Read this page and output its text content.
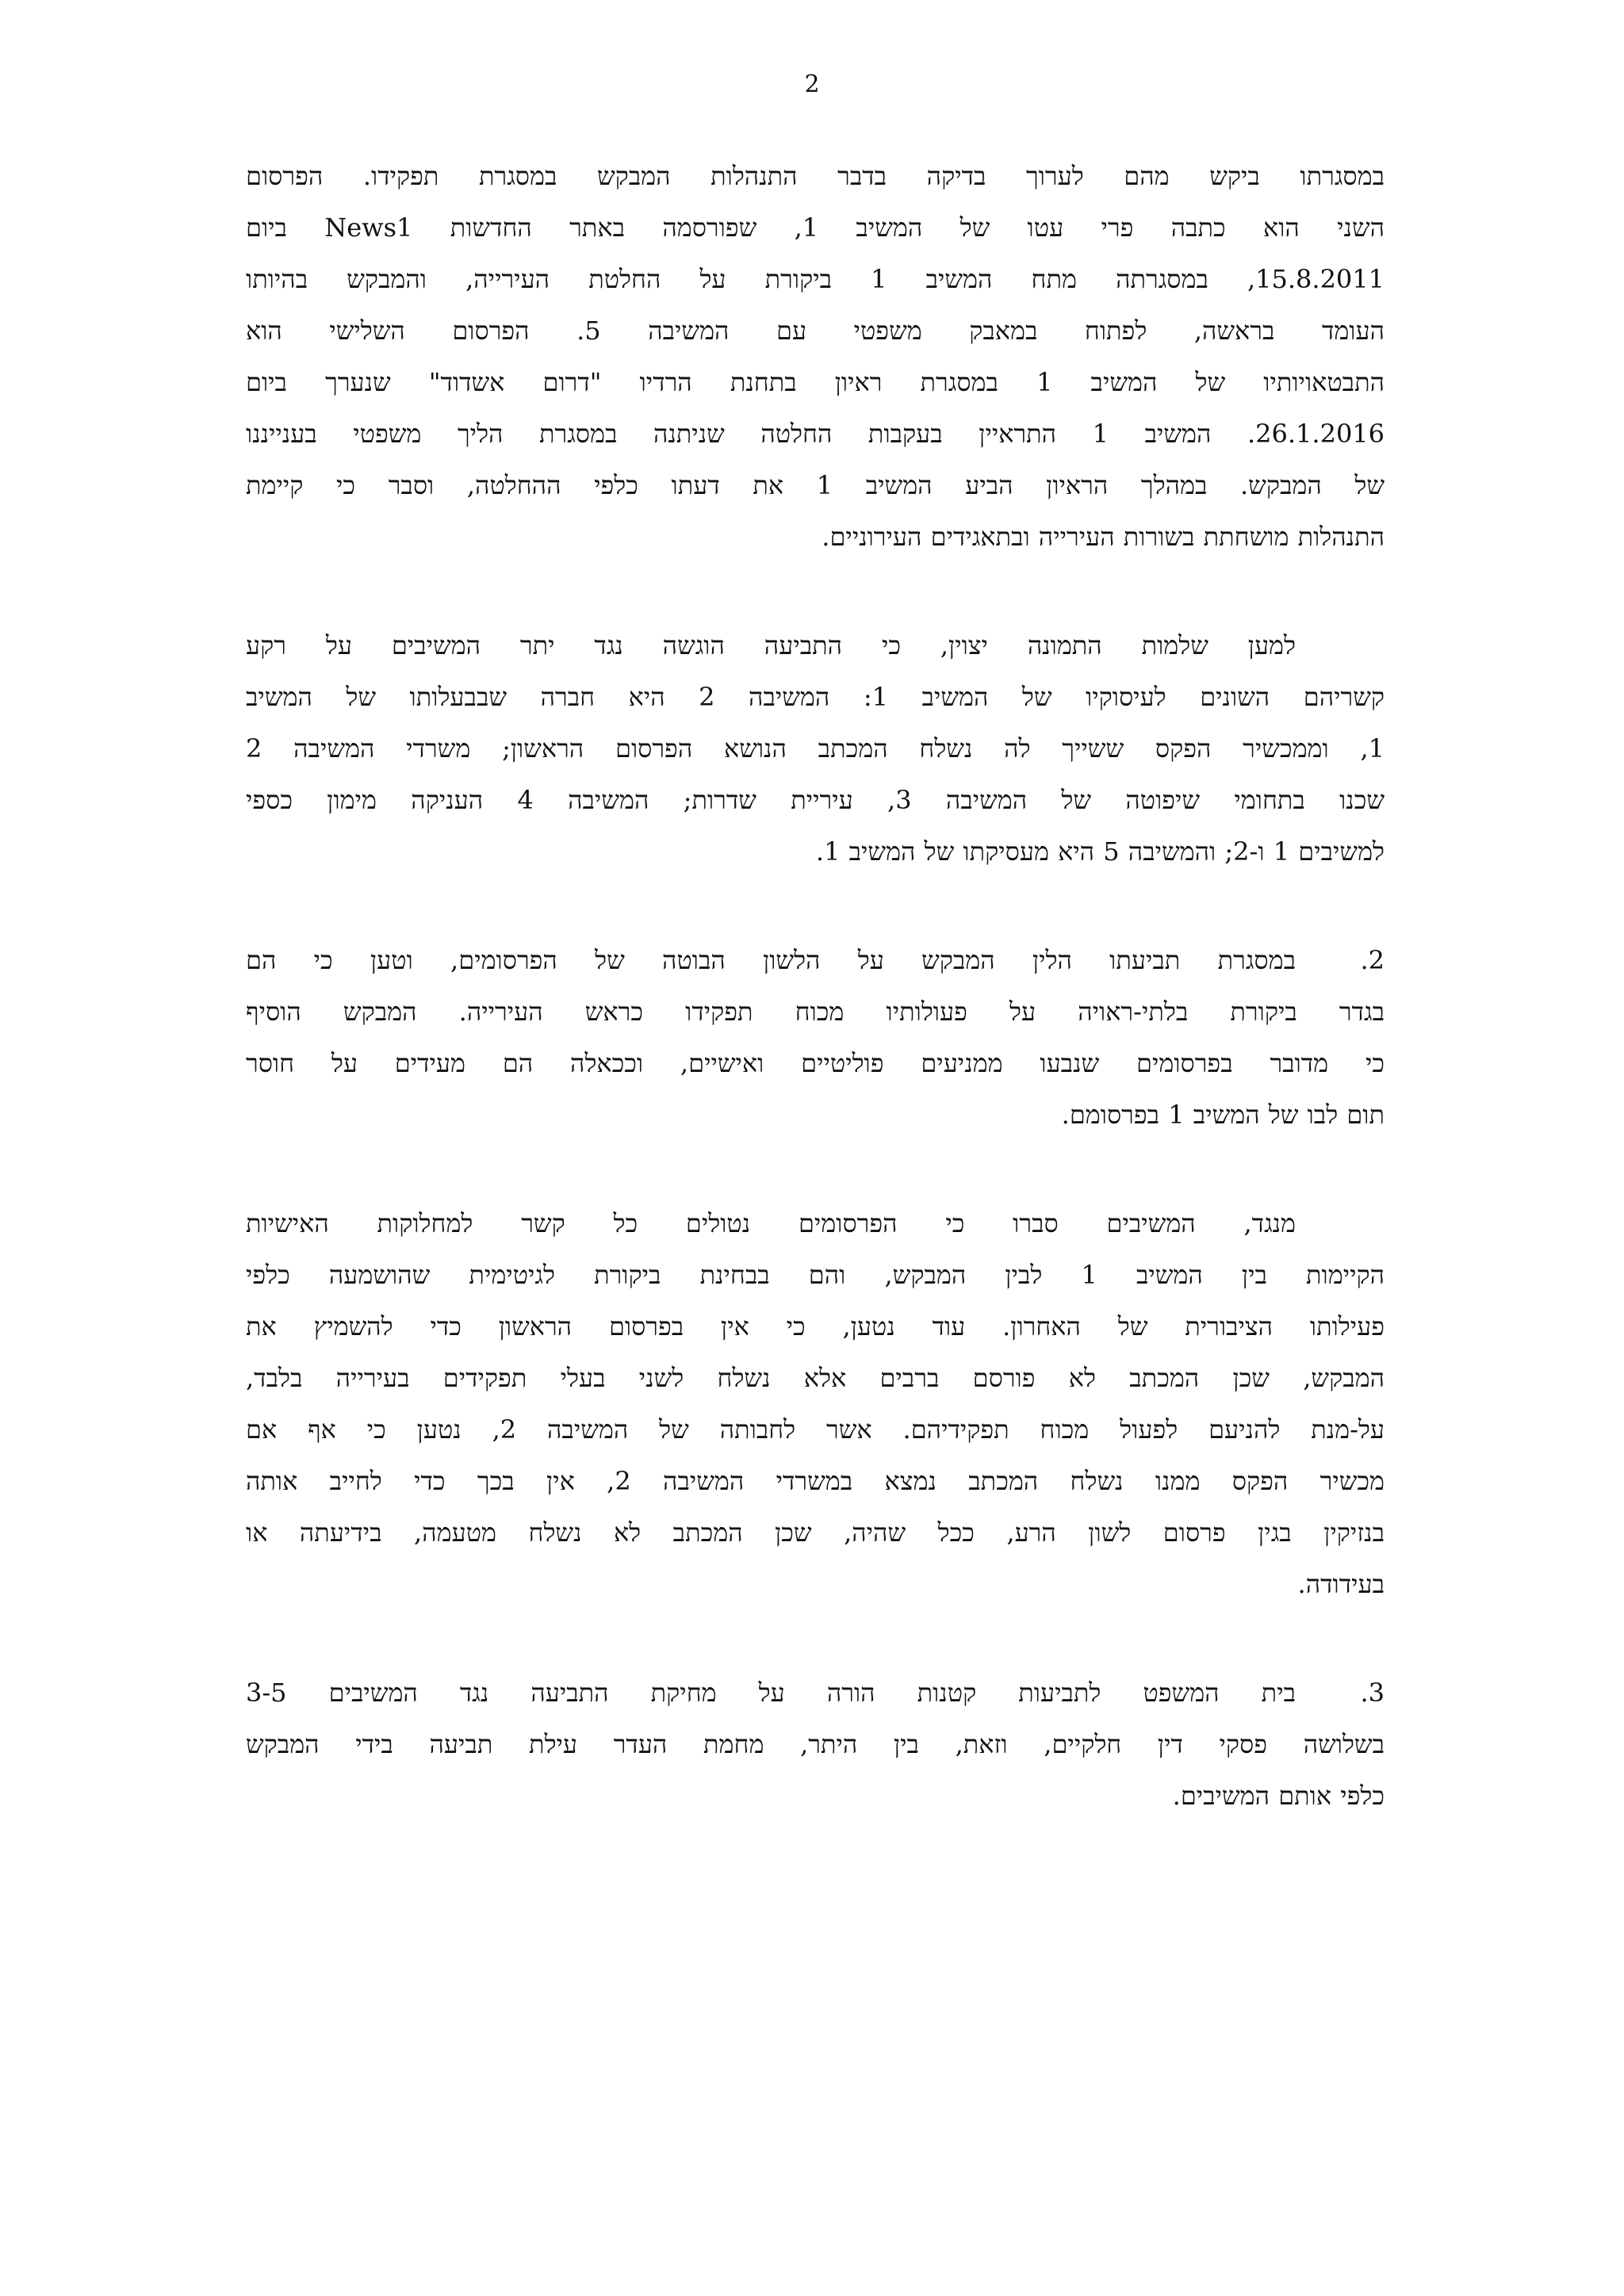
2
במסגרתו ביקש מהם לערוך בדיקה בדבר התנהלות המבקש במסגרת תפקידו. הפרסום
השני הוא כתבה פרי עטו של המשיב 1, שפורסמה באתר החדשות News1 ביום
15.8.2011, במסגרתה מתח המשיב 1 ביקורת על החלטת העירייה, והמבקש בהיותו
העומד בראשה, לפתוח במאבק משפטי עם המשיבה 5. הפרסום השלישי הוא
התבטאויותיו של המשיב 1 במסגרת ראיון בתחנת הרדיו "דרום אשדוד" שנערך ביום
26.1.2016. המשיב 1 התראיין בעקבות החלטה שניתנה במסגרת הליך משפטי בענייננו
של המבקש. במהלך הראיון הביע המשיב 1 את דעתו כלפי ההחלטה, וסבר כי קיימת
התנהלות מושחתת בשורות העירייה ובתאגידים העירוניים.
למען שלמות התמונה יצוין, כי התביעה הוגשה נגד יתר המשיבים על רקע
קשריהם השונים לעיסוקיו של המשיב 1: המשיבה 2 היא חברה שבבעלותו של המשיב
1, וממכשיר הפקס ששייך לה נשלח המכתב הנושא הפרסום הראשון; משרדי המשיבה 2
שכנו בתחומי שיפוטה של המשיבה 3, עיריית שדרות; המשיבה 4 העניקה מימון כספי
למשיבים 1 ו-2; והמשיבה 5 היא מעסיקתו של המשיב 1.
2.במסגרת תביעתו הלין המבקש על הלשון הבוטה של הפרסומים, וטען כי הם
בגדר ביקורת בלתי-ראויה על פעולותיו מכוח תפקידו כראש העירייה. המבקש הוסיף
כי מדובר בפרסומים שנבעו ממניעים פוליטיים ואישיים, וככאלה הם מעידים על חוסר
תום לבו של המשיב 1 בפרסומם.
מנגד, המשיבים סברו כי הפרסומים נטולים כל קשר למחלוקות האישיות
הקיימות בין המשיב 1 לבין המבקש, והם בבחינת ביקורת לגיטימית שהושמעה כלפי
פעילותו הציבורית של האחרון. עוד נטען, כי אין בפרסום הראשון כדי להשמיץ את
המבקש, שכן המכתב לא פורסם ברבים אלא נשלח לשני בעלי תפקידים בעירייה בלבד,
על-מנת להניעם לפעול מכוח תפקידיהם. אשר לחבותה של המשיבה 2, נטען כי אף אם
מכשיר הפקס ממנו נשלח המכתב נמצא במשרדי המשיבה 2, אין בכך כדי לחייב אותה
בנזיקין בגין פרסום לשון הרע, ככל שהיה, שכן המכתב לא נשלח מטעמה, בידיעתה או
בעידודה.
3.בית המשפט לתביעות קטנות הורה על מחיקת התביעה נגד המשיבים 3-5
בשלושה פסקי דין חלקיים, וזאת, בין היתר, מחמת העדר עילת תביעה בידי המבקש
כלפי אותם המשיבים.
